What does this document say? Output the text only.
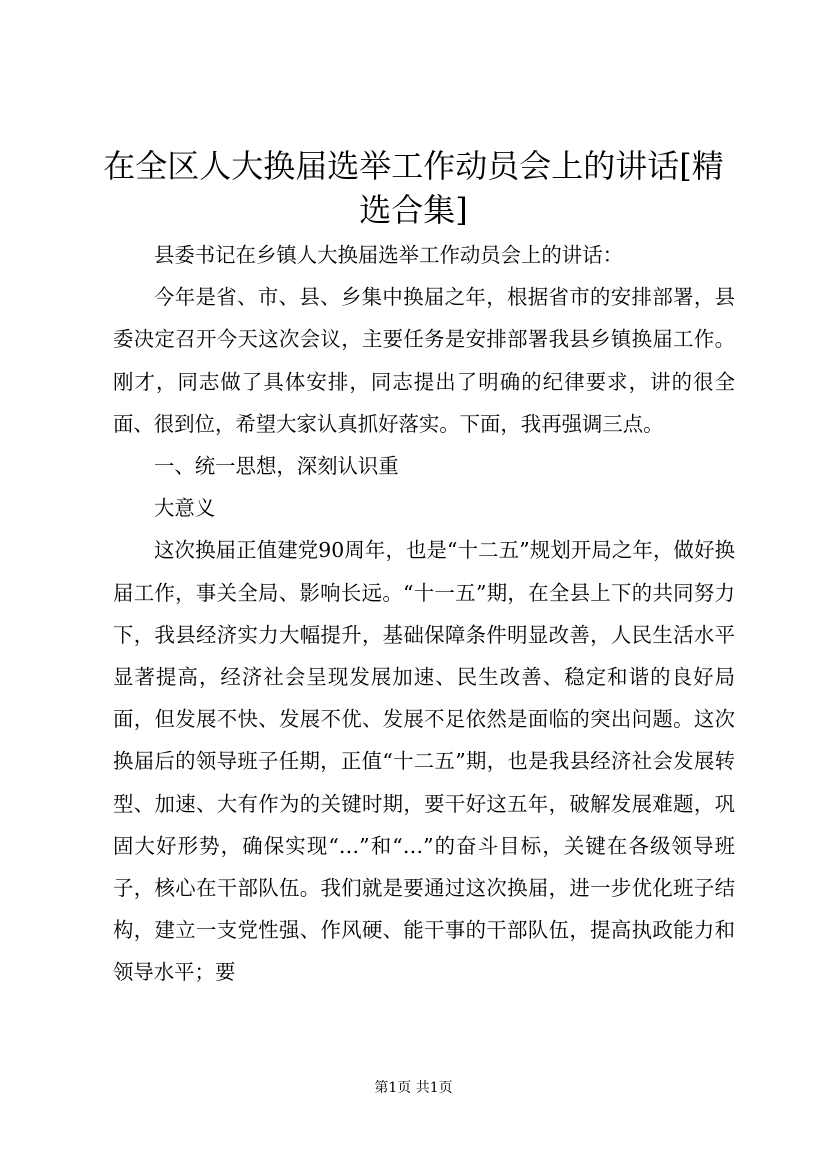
在全区人大换届选举工作动员会上的讲话[精选合集]

县委书记在乡镇人大换届选举工作动员会上的讲话：

今年是省、市、县、乡集中换届之年，根据省市的安排部署，县委决定召开今天这次会议，主要任务是安排部署我县乡镇换届工作。刚才，同志做了具体安排，同志提出了明确的纪律要求，讲的很全面、很到位，希望大家认真抓好落实。下面，我再强调三点。

一、统一思想，深刻认识重

大意义

这次换届正值建党90周年，也是“十二五”规划开局之年，做好换届工作，事关全局、影响长远。“十一五”期，在全县上下的共同努力下，我县经济实力大幅提升，基础保障条件明显改善，人民生活水平显著提高，经济社会呈现发展加速、民生改善、稳定和谐的良好局面，但发展不快、发展不优、发展不足依然是面临的突出问题。这次换届后的领导班子任期，正值“十二五”期，也是我县经济社会发展转型、加速、大有作为的关键时期，要干好这五年，破解发展难题，巩固大好形势，确保实现“…”和“…”的奋斗目标，关键在各级领导班子，核心在干部队伍。我们就是要通过这次换届，进一步优化班子结构，建立一支党性强、作风硬、能干事的干部队伍，提高执政能力和领导水平；要

第1页 共1页
